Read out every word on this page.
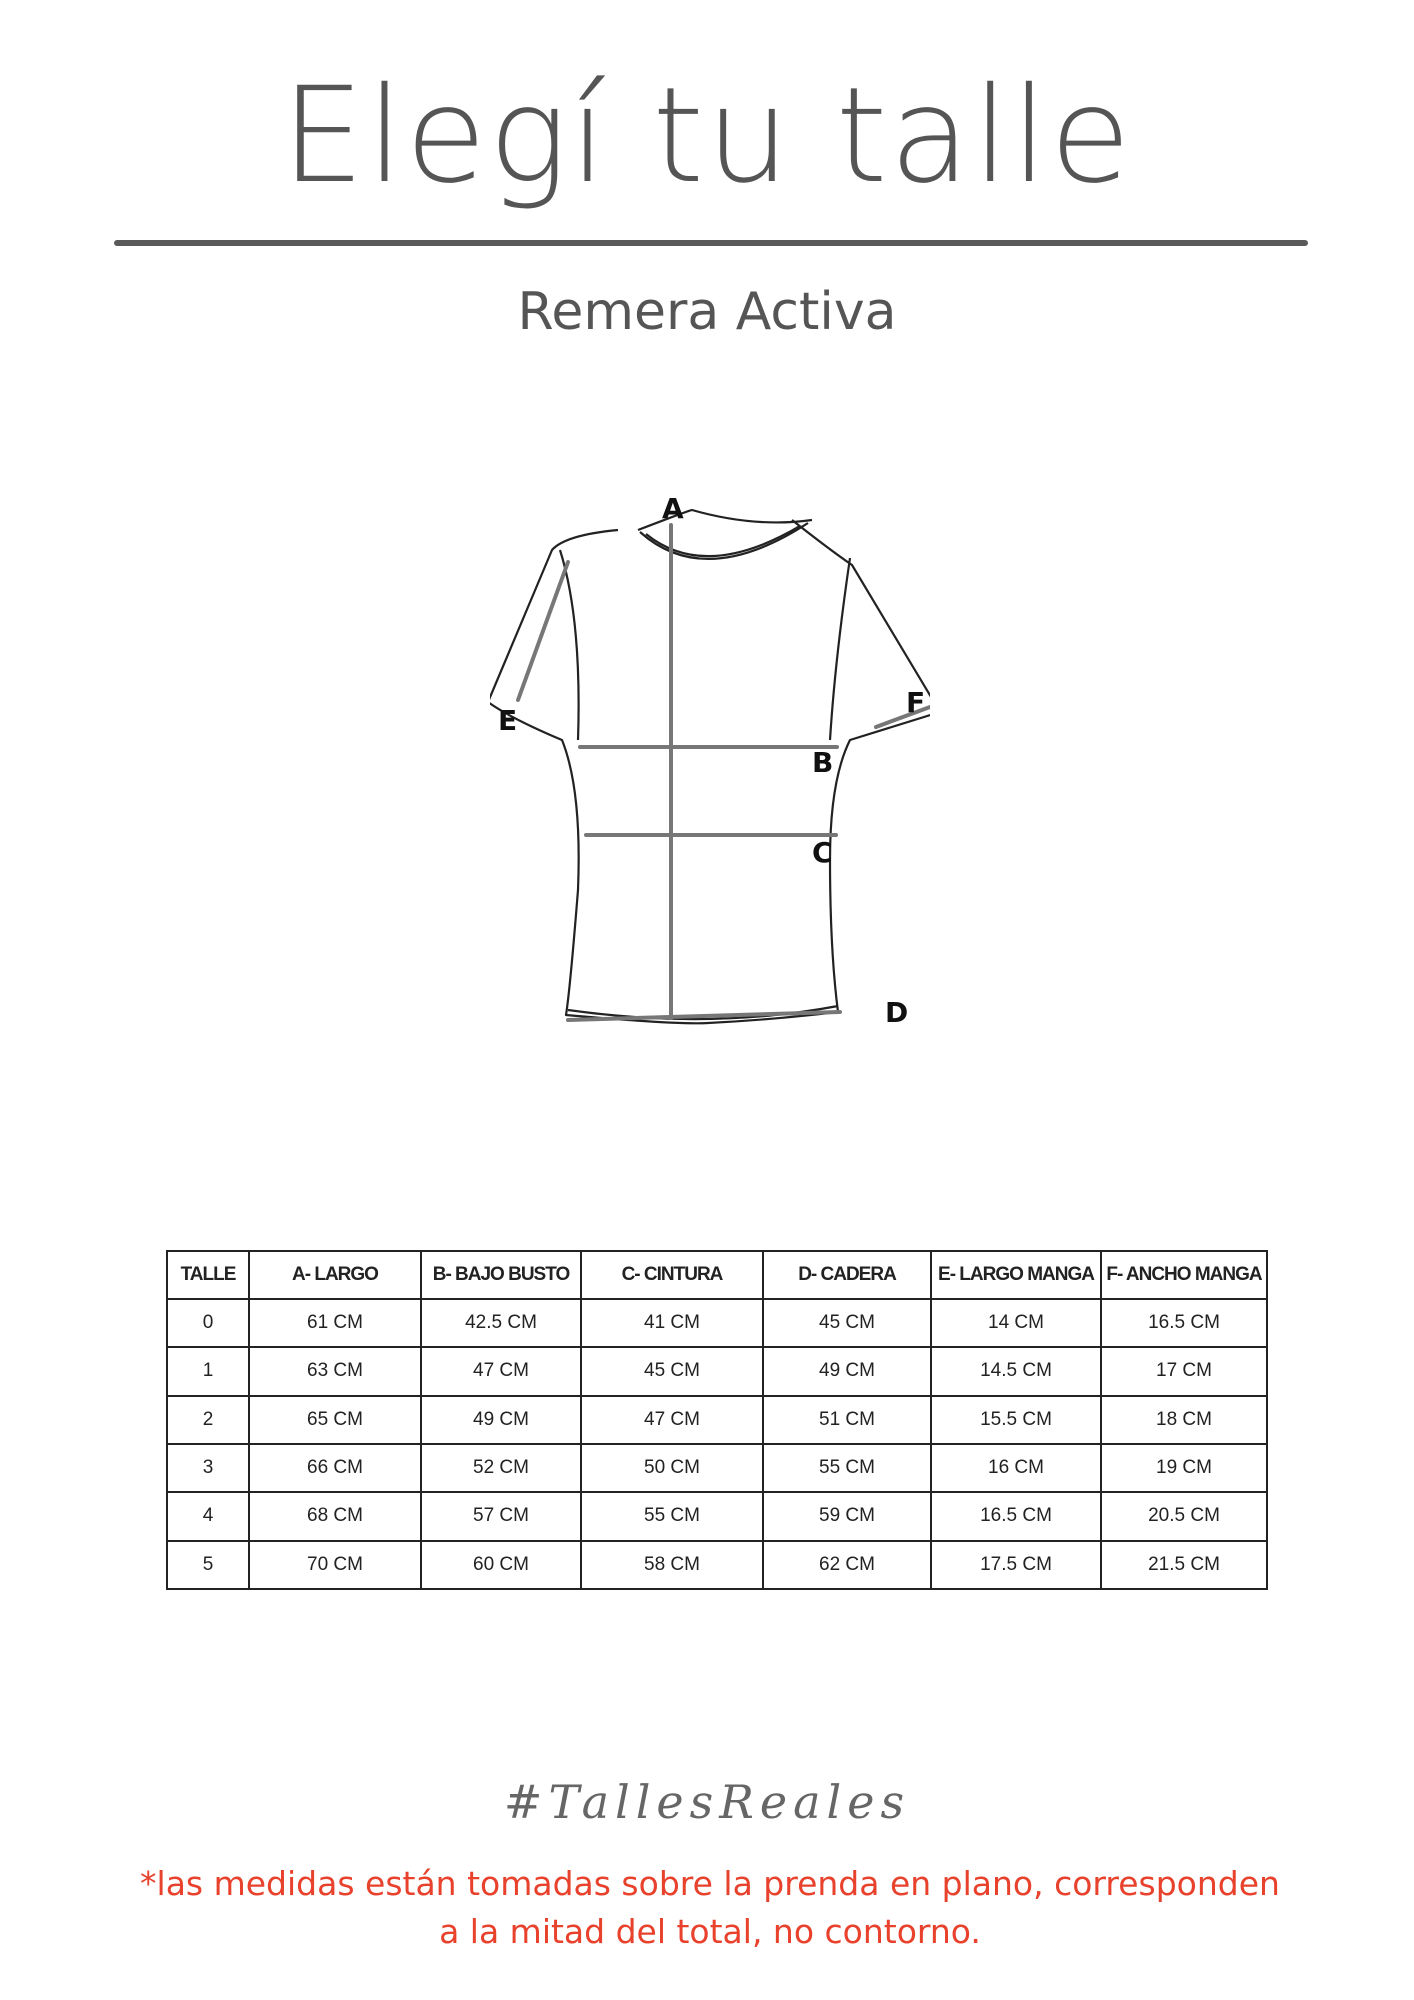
Elegí tu talle
Remera Activa
A
B
C
D
E
F
TALLE	A- LARGO	B- BAJO BUSTO	C- CINTURA	D- CADERA	E- LARGO MANGA	F- ANCHO MANGA
0	61 CM	42.5 CM	41 CM	45 CM	14 CM	16.5 CM
1	63 CM	47 CM	45 CM	49 CM	14.5 CM	17 CM
2	65 CM	49 CM	47 CM	51 CM	15.5 CM	18 CM
3	66 CM	52 CM	50 CM	55 CM	16 CM	19 CM
4	68 CM	57 CM	55 CM	59 CM	16.5 CM	20.5 CM
5	70 CM	60 CM	58 CM	62 CM	17.5 CM	21.5 CM
#TallesReales
*las medidas están tomadas sobre la prenda en plano, corresponden
a la mitad del total, no contorno.
